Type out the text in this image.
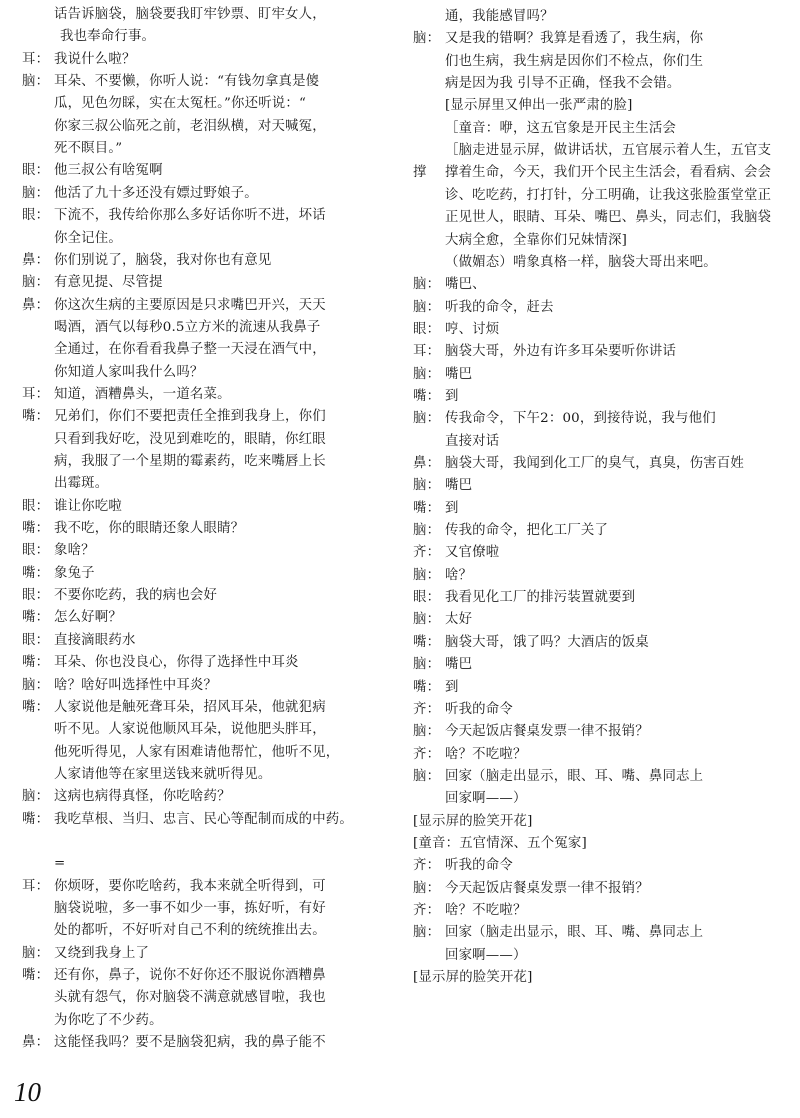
话告诉脑袋，脑袋要我盯牢钞票、盯牢女人，
我也奉命行事。
耳： 我说什么啦？
脑： 耳朵、不要懒，你听人说：“有钱勿拿真是傻
瓜，见色勿睬，实在太冤枉。”你还听说：“
你家三叔公临死之前，老泪纵横，对天喊冤，
死不瞑目。”
眼： 他三叔公有啥冤啊
脑： 他活了九十多还没有嫖过野娘子。
眼： 下流不，我传给你那么多好话你听不进，坏话
你全记住。
鼻： 你们别说了，脑袋，我对你也有意见
脑： 有意见提、尽管提
鼻： 你这次生病的主要原因是只求嘴巴开兴，天天
喝酒，酒气以每秒0.5立方米的流速从我鼻子
全通过，在你看看我鼻子整一天浸在酒气中，
你知道人家叫我什么吗？
耳： 知道，酒糟鼻头，一道名菜。
嘴： 兄弟们，你们不要把责任全推到我身上，你们
只看到我好吃，没见到难吃的，眼睛，你红眼
病，我服了一个星期的霉素药，吃来嘴唇上长
出霉斑。
眼： 谁让你吃啦
嘴： 我不吃，你的眼睛还象人眼睛？
眼： 象啥？
嘴： 象兔子
眼： 不要你吃药，我的病也会好
嘴： 怎么好啊？
眼： 直接滴眼药水
嘴： 耳朵、你也没良心，你得了选择性中耳炎
脑： 啥？啥好叫选择性中耳炎？
嘴： 人家说他是触死聋耳朵，招风耳朵，他就犯病
听不见。人家说他顺风耳朵，说他肥头胖耳，
他死听得见，人家有困难请他帮忙，他听不见，
人家请他等在家里送钱来就听得见。
脑： 这病也病得真怪，你吃啥药？
嘴： 我吃草根、当归、忠言、民心等配制而成的中药。
=
耳： 你烦呀，要你吃啥药，我本来就全听得到，可
脑袋说啦，多一事不如少一事，拣好听，有好
处的都听，不好听对自己不利的统统推出去。
脑： 又绕到我身上了
嘴： 还有你，鼻子，说你不好你还不服说你酒糟鼻
头就有怨气，你对脑袋不满意就感冒啦，我也
为你吃了不少药。
鼻： 这能怪我吗？要不是脑袋犯病，我的鼻子能不
通，我能感冒吗？
脑： 又是我的错啊？我算是看透了，我生病，你
们也生病，我生病是因你们不检点，你们生
病是因为我 引导不正确，怪我不会错。
[显示屏里又伸出一张严肃的脸]
［童音：咿，这五官象是开民主生活会
［脑走进显示屏，做讲话状，五官展示着人生，五官支
撑 撑着生命，今天，我们开个民主生活会，看看病、会会
诊、吃吃药，打打针，分工明确，让我这张脸蛋堂堂正
正见世人，眼睛、耳朵、嘴巴、鼻头，同志们，我脑袋
大病全愈，全靠你们兄妹情深]
（做媚态）啃象真格一样，脑袋大哥出来吧。
脑： 嘴巴、
脑： 听我的命令，赶去
眼： 哼、讨烦
耳： 脑袋大哥，外边有许多耳朵要听你讲话
脑： 嘴巴
嘴： 到
脑： 传我命令，下午2：00，到接待说，我与他们
直接对话
鼻： 脑袋大哥，我闻到化工厂的臭气，真臭，伤害百姓
脑： 嘴巴
嘴： 到
脑： 传我的命令，把化工厂关了
齐： 又官僚啦
脑： 啥？
眼： 我看见化工厂的排污装置就要到
脑： 太好
嘴： 脑袋大哥，饿了吗？大酒店的饭桌
脑： 嘴巴
嘴： 到
齐： 听我的命令
脑： 今天起饭店餐桌发票一律不报销？
齐： 啥？不吃啦？
脑： 回家（脑走出显示，眼、耳、嘴、鼻同志上
回家啊——）
[显示屏的脸笑开花]
[童音：五官情深、五个冤家]
齐： 听我的命令
脑： 今天起饭店餐桌发票一律不报销？
齐： 啥？不吃啦？
脑： 回家（脑走出显示，眼、耳、嘴、鼻同志上
回家啊——）
[显示屏的脸笑开花]
10
